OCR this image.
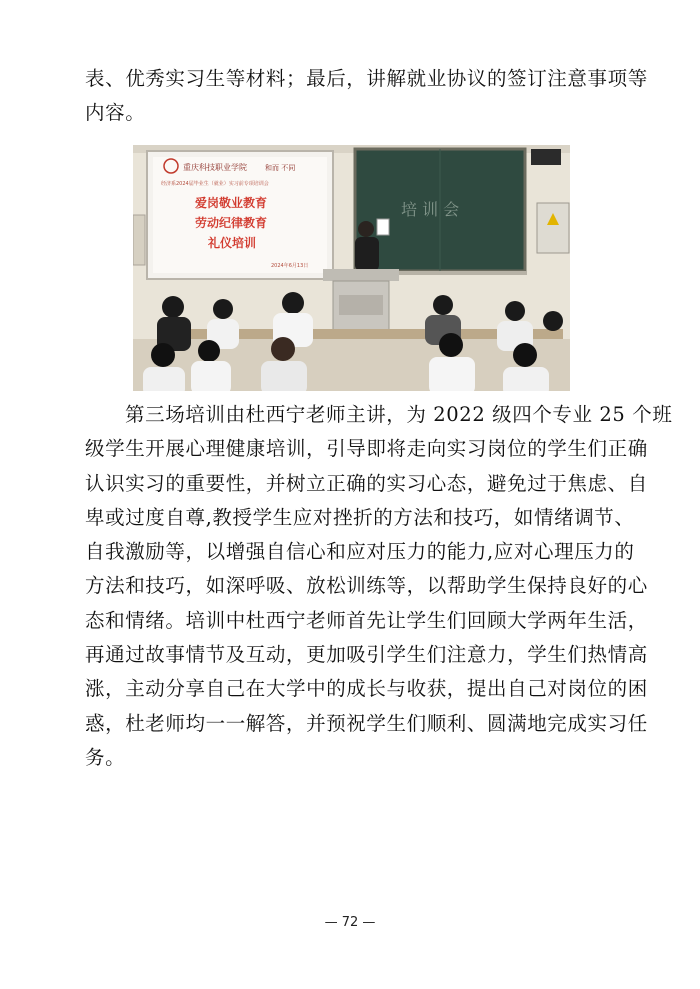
表、优秀实习生等材料；最后，讲解就业协议的签订注意事项等
内容。
重庆科技职业学院	和而 不同
经济系2024届毕业生（就业）实习前专项培训会
爱岗敬业教育
劳动纪律教育
礼仪培训
2024年6月13日
培 训 会
第三场培训由杜西宁老师主讲，为 2022 级四个专业 25 个班
级学生开展心理健康培训，引导即将走向实习岗位的学生们正确
认识实习的重要性，并树立正确的实习心态，避免过于焦虑、自
卑或过度自尊,教授学生应对挫折的方法和技巧，如情绪调节、
自我激励等，以增强自信心和应对压力的能力,应对心理压力的
方法和技巧，如深呼吸、放松训练等，以帮助学生保持良好的心
态和情绪。培训中杜西宁老师首先让学生们回顾大学两年生活，
再通过故事情节及互动，更加吸引学生们注意力，学生们热情高
涨，主动分享自己在大学中的成长与收获，提出自己对岗位的困
惑，杜老师均一一解答，并预祝学生们顺利、圆满地完成实习任
务。
— 72 —
